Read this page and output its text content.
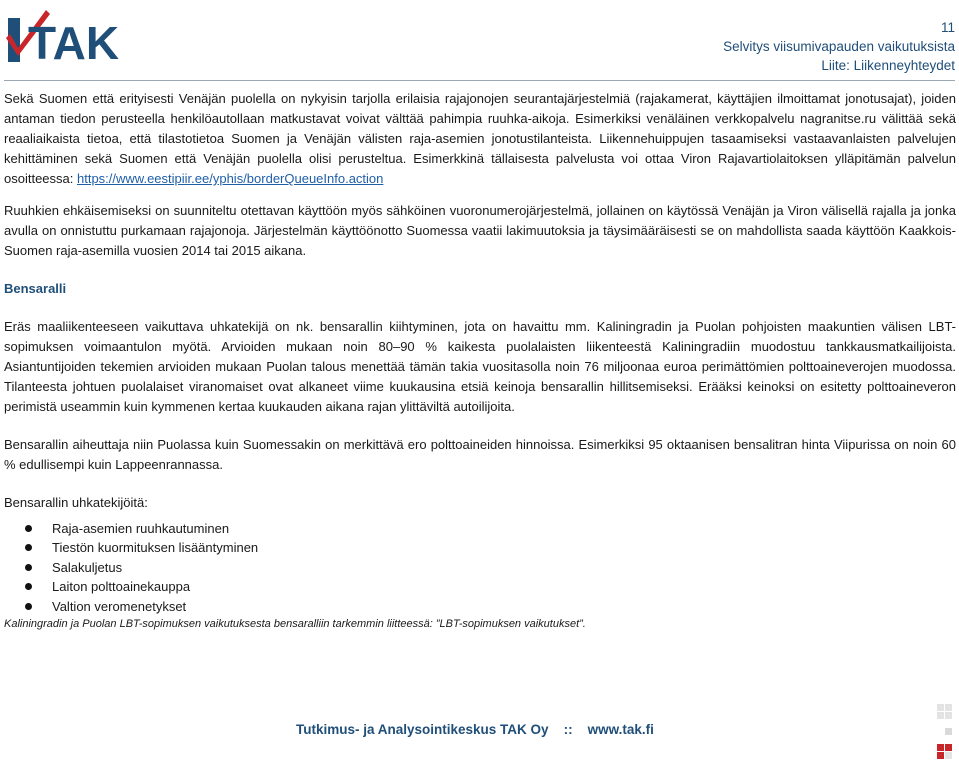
TAK	11
Selvitys viisumivapauden vaikutuksista
Liite: Liikenneyhteydet

Sekä Suomen että erityisesti Venäjän puolella on nykyisin tarjolla erilaisia rajajonojen seurantajärjestelmiä (rajakamerat, käyttäjien ilmoittamat jonotusajat), joiden antaman tiedon perusteella henkilöautollaan matkustavat voivat välttää pahimpia ruuhka-aikoja. Esimerkiksi venäläinen verkkopalvelu nagranitse.ru välittää sekä reaaliaikaista tietoa, että tilastotietoa Suomen ja Venäjän välisten raja-asemien jonotustilanteista. Liikennehuippujen tasaamiseksi vastaavanlaisten palvelujen kehittäminen sekä Suomen että Venäjän puolella olisi perusteltua. Esimerkkinä tällaisesta palvelusta voi ottaa Viron Rajavartiolaitoksen ylläpitämän palvelun osoitteessa: https://www.eestipiir.ee/yphis/borderQueueInfo.action

Ruuhkien ehkäisemiseksi on suunniteltu otettavan käyttöön myös sähköinen vuoronumerojärjestelmä, jollainen on käytössä Venäjän ja Viron välisellä rajalla ja jonka avulla on onnistuttu purkamaan rajajonoja. Järjestelmän käyttöönotto Suomessa vaatii lakimuutoksia ja täysimääräisesti se on mahdollista saada käyttöön Kaakkois-Suomen raja-asemilla vuosien 2014 tai 2015 aikana.

Bensaralli

Eräs maaliikenteeseen vaikuttava uhkatekijä on nk. bensarallin kiihtyminen, jota on havaittu mm. Kaliningradin ja Puolan pohjoisten maakuntien välisen LBT-sopimuksen voimaantulon myötä. Arvioiden mukaan noin 80–90 % kaikesta puolalaisten liikenteestä Kaliningradiin muodostuu tankkausmatkailijoista. Asiantuntijoiden tekemien arvioiden mukaan Puolan talous menettää tämän takia vuositasolla noin 76 miljoonaa euroa perimättömien polttoaineverojen muodossa. Tilanteesta johtuen puolalaiset viranomaiset ovat alkaneet viime kuukausina etsiä keinoja bensarallin hillitsemiseksi. Erääksi keinoksi on esitetty polttoaineveron perimistä useammin kuin kymmenen kertaa kuukauden aikana rajan ylittäviltä autoilijoita.

Bensarallin aiheuttaja niin Puolassa kuin Suomessakin on merkittävä ero polttoaineiden hinnoissa. Esimerkiksi 95 oktaanisen bensalitran hinta Viipurissa on noin 60 % edullisempi kuin Lappeenrannassa.

Bensarallin uhkatekijöitä:

Raja-asemien ruuhkautuminen
Tiestön kuormituksen lisääntyminen
Salakuljetus
Laiton polttoainekauppa
Valtion veromenetykset

Kaliningradin ja Puolan LBT-sopimuksen vaikutuksesta bensaralliin tarkemmin liitteessä: ”LBT-sopimuksen vaikutukset”.

Tutkimus- ja Analysointikeskus TAK Oy :: www.tak.fi
